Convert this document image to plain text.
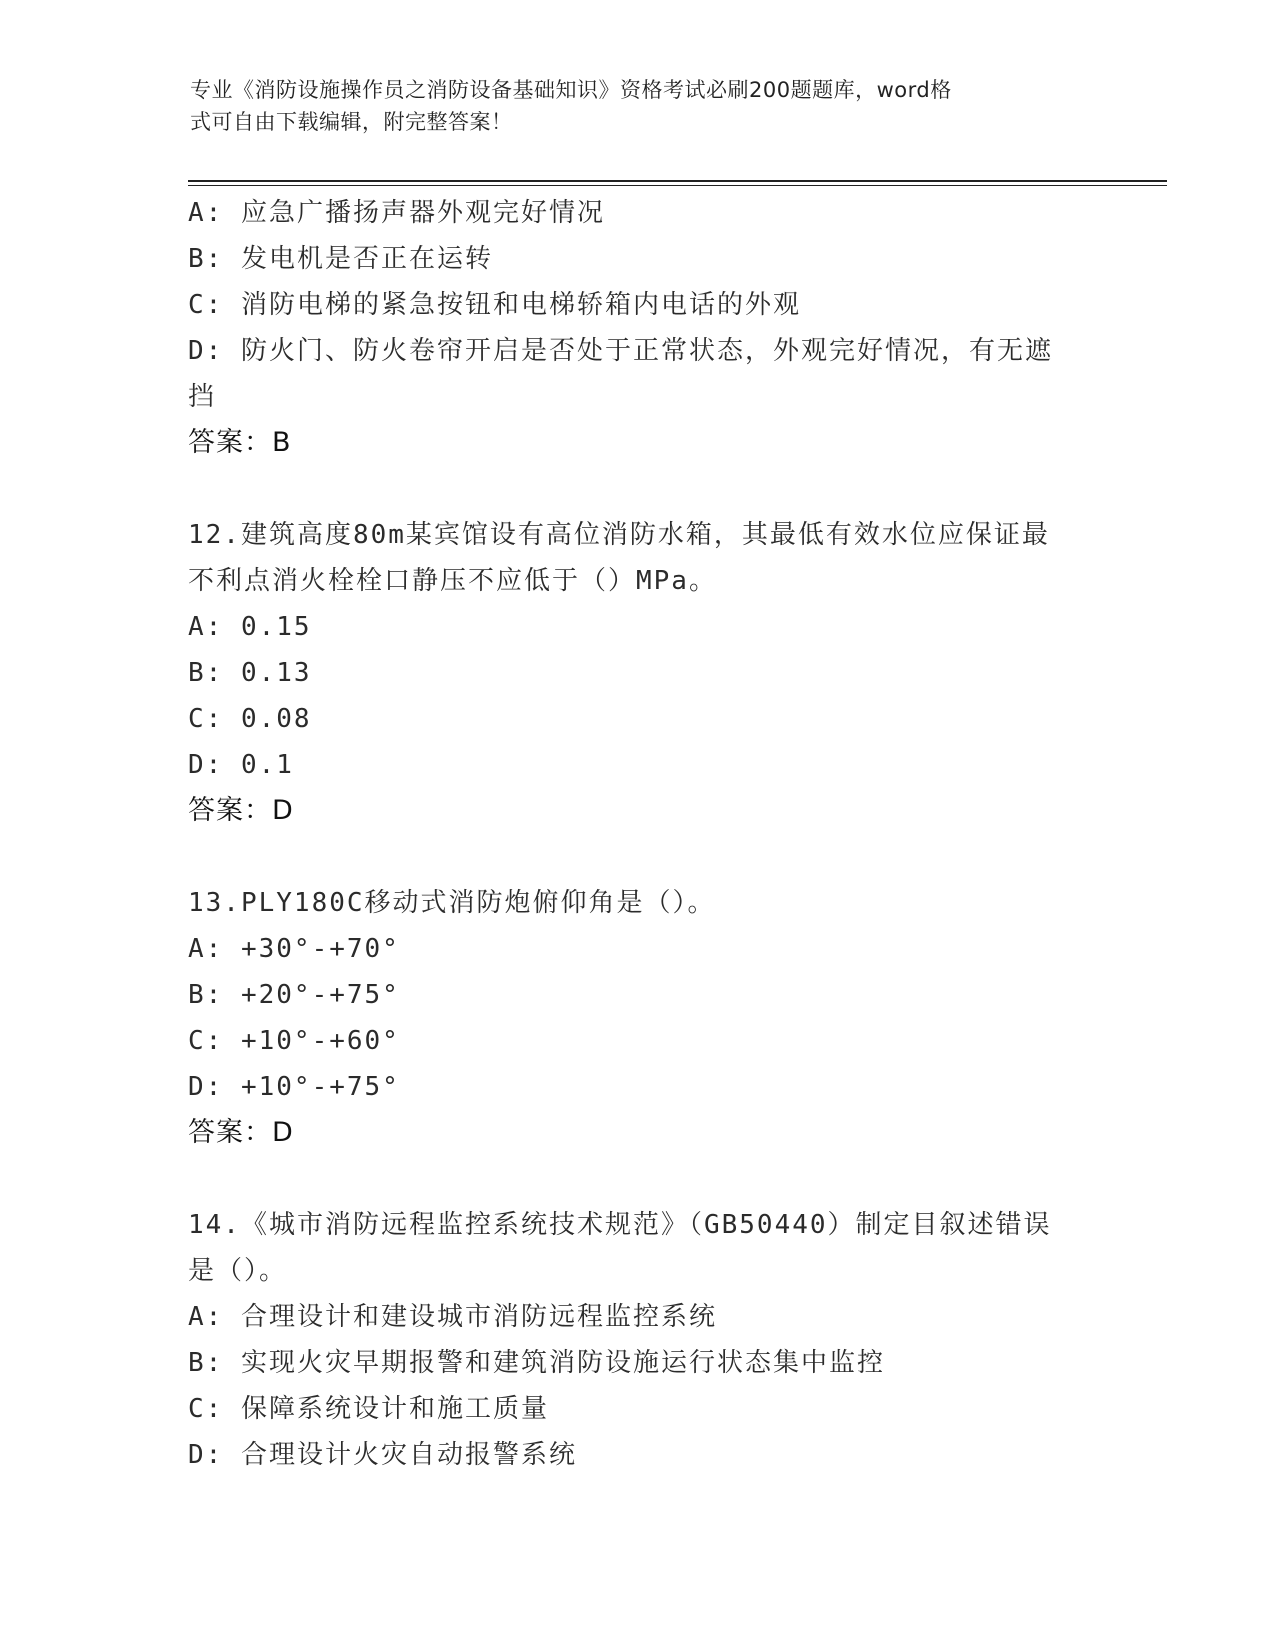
专业《消防设施操作员之消防设备基础知识》资格考试必刷200题题库，word格
式可自由下载编辑，附完整答案！
A: 应急广播扬声器外观完好情况
B: 发电机是否正在运转
C: 消防电梯的紧急按钮和电梯轿箱内电话的外观
D: 防火门、防火卷帘开启是否处于正常状态，外观完好情况，有无遮
挡
答案：B
12.建筑高度80m某宾馆设有高位消防水箱，其最低有效水位应保证最
不利点消火栓栓口静压不应低于（）MPa。
A: 0.15
B: 0.13
C: 0.08
D: 0.1
答案：D
13.PLY180C移动式消防炮俯仰角是（）。
A: +30°-+70°
B: +20°-+75°
C: +10°-+60°
D: +10°-+75°
答案：D
14.《城市消防远程监控系统技术规范》（GB50440）制定目叙述错误
是（）。
A: 合理设计和建设城市消防远程监控系统
B: 实现火灾早期报警和建筑消防设施运行状态集中监控
C: 保障系统设计和施工质量
D: 合理设计火灾自动报警系统
